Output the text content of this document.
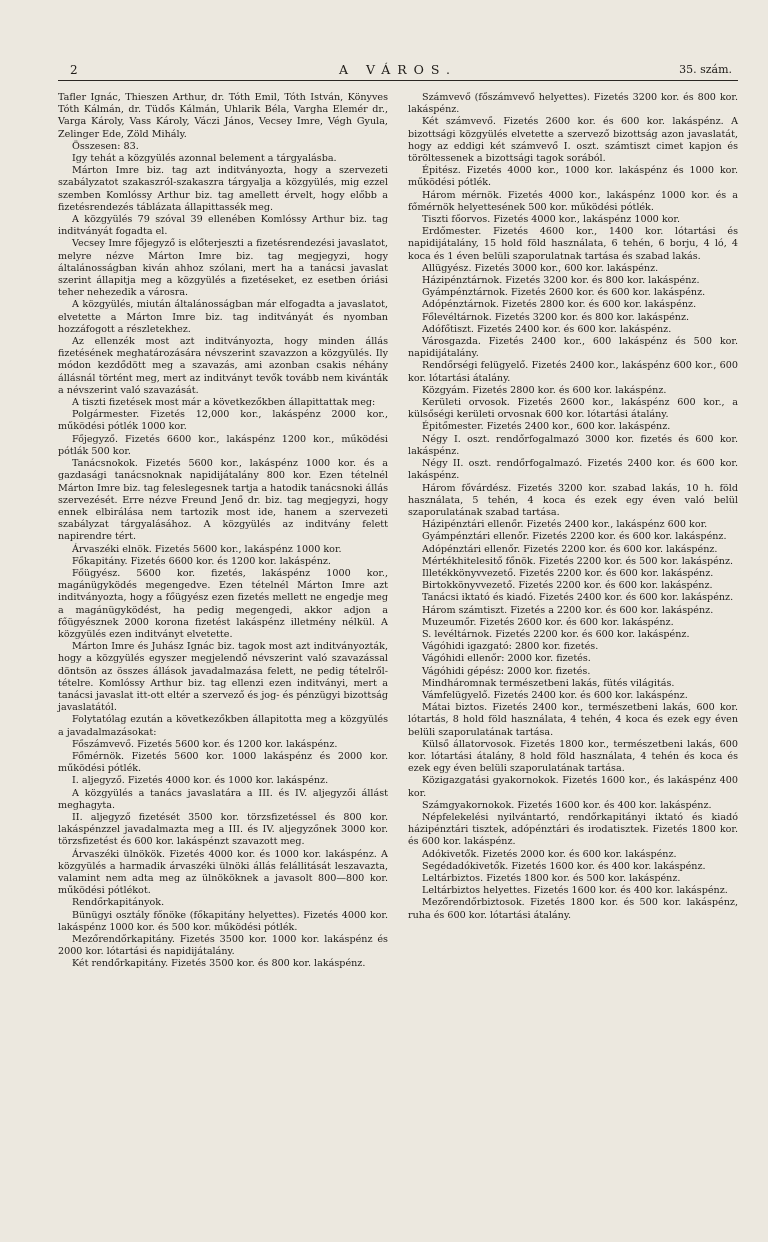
2	A VÁROS.	35. szám.

Tafler Ignác, Thieszen Arthur, dr. Tóth Emil, Tóth István, Könyves Tóth Kálmán, dr. Tüdős Kálmán, Uhlarik Béla, Vargha Elemér dr., Varga Károly, Vass Károly, Váczi János, Vecsey Imre, Végh Gyula, Zelinger Ede, Zöld Mihály.

Összesen: 83.

Igy tehát a közgyülés azonnal belement a tárgyalásba.

Márton Imre biz. tag azt inditványozta, hogy a szervezeti szabályzatot szakaszról-szakaszra tárgyalja a közgyülés, mig ezzel szemben Komlóssy Arthur biz. tag amellett érvelt, hogy előbb a fizetésrendezés táblázata állapittassék meg.

A közgyülés 79 szóval 39 ellenében Komlóssy Arthur biz. tag inditványát fogadta el.

Vecsey Imre főjegyző is előterjeszti a fizetésrendezési javaslatot, melyre nézve Márton Imre biz. tag megjegyzi, hogy általánosságban kiván ahhoz szólani, mert ha a tanácsi javaslat szerint állapitja meg a közgyülés a fizetéseket, ez esetben óriási teher nehezedik a városra.

A közgyülés, miután általánosságban már elfogadta a javaslatot, elvetette a Márton Imre biz. tag inditványát és nyomban hozzáfogott a részletekhez.

Az ellenzék most azt inditványozta, hogy minden állás fizetésének meghatározására névszerint szavazzon a közgyülés. Ily módon kezdődött meg a szavazás, ami azonban csakis néhány állásnál történt meg, mert az inditványt tevők tovább nem kivánták a névszerint való szavazását.

A tiszti fizetések most már a következőkben állapittattak meg:

Polgármester. Fizetés 12,000 kor., lakáspénz 2000 kor., működési pótlék 1000 kor.

Főjegyző. Fizetés 6600 kor., lakáspénz 1200 kor., működési pótlák 500 kor.

Tanácsnokok. Fizetés 5600 kor., lakáspénz 1000 kor. és a gazdasági tanácsnoknak napidijátalány 800 kor. Ezen tételnél Márton Imre biz. tag feleslegesnek tartja a hatodik tanácsnoki állás szervezését. Erre nézve Freund Jenő dr. biz. tag megjegyzi, hogy ennek elbirálása nem tartozik most ide, hanem a szervezeti szabályzat tárgyalásához. A közgyülés az inditvány felett napirendre tért.

Árvaszéki elnök. Fizetés 5600 kor., lakáspénz 1000 kor.

Főkapitány. Fizetés 6600 kor. és 1200 kor. lakáspénz.

Főügyész. 5600 kor. fizetés, lakáspénz 1000 kor., magánügyködés megengedve. Ezen tételnél Márton Imre azt inditványozta, hogy a főügyész ezen fizetés mellett ne engedje meg a magánügyködést, ha pedig megengedi, akkor adjon a főügyésznek 2000 korona fizetést lakáspénz illetmény nélkül. A közgyülés ezen inditványt elvetette.

Márton Imre és Juhász Ignác biz. tagok most azt inditványozták, hogy a közgyülés egyszer megjelendő névszerint való szavazással döntsön az összes állások javadalmazása felett, ne pedig tételről-tételre. Komlóssy Arthur biz. tag ellenzi ezen inditványi, mert a tanácsi javaslat itt-ott eltér a szervező és jog- és pénzügyi bizottság javaslatától.

Folytatólag ezután a következőkben állapitotta meg a közgyülés a javadalmazásokat:

Főszámvevő. Fizetés 5600 kor. és 1200 kor. lakáspénz.

Főmérnök. Fizetés 5600 kor. 1000 lakáspénz és 2000 kor. működési pótlék.

I. aljegyző. Fizetés 4000 kor. és 1000 kor. lakáspénz.

A közgyülés a tanács javaslatára a III. és IV. aljegyzői állást meghagyta.

II. aljegyző fizetését 3500 kor. törzsfizetéssel és 800 kor. lakáspénzzel javadalmazta meg a III. és IV. aljegyzőnek 3000 kor. törzsfizetést és 600 kor. lakáspénzt szavazott meg.

Árvaszéki ülnökök. Fizetés 4000 kor. és 1000 kor. lakáspénz. A közgyülés a harmadik árvaszéki ülnöki állás felállitását leszavazta, valamint nem adta meg az ülnököknek a javasolt 800—800 kor. működési pótlékot.

Rendőrkapitányok.

Bünügyi osztály főnöke (főkapitány helyettes). Fizetés 4000 kor. lakáspénz 1000 kor. és 500 kor. működési pótlék.

Mezőrendőrkapitány. Fizetés 3500 kor. 1000 kor. lakáspénz és 2000 kor. lótartási és napidijátalány.

Két rendőrkapitány. Fizetés 3500 kor. és 800 kor. lakáspénz.

Számvevő (főszámvevő helyettes). Fizetés 3200 kor. és 800 kor. lakáspénz.

Két számvevő. Fizetés 2600 kor. és 600 kor. lakáspénz. A bizottsági közgyülés elvetette a szervező bizottság azon javaslatát, hogy az eddigi két számvevő I. oszt. számtiszt cimet kapjon és töröltessenek a bizottsági tagok sorából.

Épitész. Fizetés 4000 kor., 1000 kor. lakáspénz és 1000 kor. működési pótlék.

Három mérnök. Fizetés 4000 kor., lakáspénz 1000 kor. és a főmérnök helyettesének 500 kor. működési pótlék.

Tiszti főorvos. Fizetés 4000 kor., lakáspénz 1000 kor.

Erdőmester. Fizetés 4600 kor., 1400 kor. lótartási és napidijátalány, 15 hold föld használata, 6 tehén, 6 borju, 4 ló, 4 koca és 1 éven belüli szaporulatnak tartása és szabad lakás.

Allügyész. Fizetés 3000 kor., 600 kor. lakáspénz.

Házipénztárnok. Fizetés 3200 kor. és 800 kor. lakáspénz.

Gyámpénztárnok. Fizetés 2600 kor. és 600 kor. lakáspénz.

Adópénztárnok. Fizetés 2800 kor. és 600 kor. lakáspénz.

Főlevéltárnok. Fizetés 3200 kor. és 800 kor. lakáspénz.

Adófőtiszt. Fizetés 2400 kor. és 600 kor. lakáspénz.

Városgazda. Fizetés 2400 kor., 600 lakáspénz és 500 kor. napidijátalány.

Rendőrségi felügyelő. Fizetés 2400 kor., lakáspénz 600 kor., 600 kor. lótartási átalány.

Közgyám. Fizetés 2800 kor. és 600 kor. lakáspénz.

Kerületi orvosok. Fizetés 2600 kor., lakáspénz 600 kor., a külsőségi kerületi orvosnak 600 kor. lótartási átalány.

Épitőmester. Fizetés 2400 kor., 600 kor. lakáspénz.

Négy I. oszt. rendőrfogalmazó 3000 kor. fizetés és 600 kor. lakáspénz.

Négy II. oszt. rendőrfogalmazó. Fizetés 2400 kor. és 600 kor. lakáspénz.

Három fővárdész. Fizetés 3200 kor. szabad lakás, 10 h. föld használata, 5 tehén, 4 koca és ezek egy éven való belül szaporulatának szabad tartása.

Házipénztári ellenőr. Fizetés 2400 kor., lakáspénz 600 kor.

Gyámpénztári ellenőr. Fizetés 2200 kor. és 600 kor. lakáspénz.

Adópénztári ellenőr. Fizetés 2200 kor. és 600 kor. lakáspénz.

Mértékhitelesitő főnök. Fizetés 2200 kor. és 500 kor. lakáspénz.

Illetékkönyvvezető. Fizetés 2200 kor. és 600 kor. lakáspénz.

Birtokkönyvvezető. Fizetés 2200 kor. és 600 kor. lakáspénz.

Tanácsi iktató és kiadó. Fizetés 2400 kor. és 600 kor. lakáspénz.

Három számtiszt. Fizetés a 2200 kor. és 600 kor. lakáspénz.

Muzeumőr. Fizetés 2600 kor. és 600 kor. lakáspénz.

S. levéltárnok. Fizetés 2200 kor. és 600 kor. lakáspénz.

Vágóhidi igazgató: 2800 kor. fizetés.

Vágóhidi ellenőr: 2000 kor. fizetés.

Vágóhidi gépész: 2000 kor. fizetés.

Mindháromnak természetbeni lakás, fütés világitás.

Vámfelügyelő. Fizetés 2400 kor. és 600 kor. lakáspénz.

Mátai biztos. Fizetés 2400 kor., természetbeni lakás, 600 kor. lótartás, 8 hold föld használata, 4 tehén, 4 koca és ezek egy éven belüli szaporulatának tartása.

Külső állatorvosok. Fizetés 1800 kor., természetbeni lakás, 600 kor. lótartási átalány, 8 hold föld használata, 4 tehén és koca és ezek egy éven belüli szaporulatának tartása.

Közigazgatási gyakornokok. Fizetés 1600 kor., és lakáspénz 400 kor.

Számgyakornokok. Fizetés 1600 kor. és 400 kor. lakáspénz.

Népfelekelési nyilvántartó, rendőrkapitányi iktató és kiadó házipénztári tisztek, adópénztári és irodatisztek. Fizetés 1800 kor. és 600 kor. lakáspénz.

Adókivetők. Fizetés 2000 kor. és 600 kor. lakáspénz.

Segédadókivetők. Fizetés 1600 kor. és 400 kor. lakáspénz.

Leltárbiztos. Fizetés 1800 kor. és 500 kor. lakáspénz.

Leltárbiztos helyettes. Fizetés 1600 kor. és 400 kor. lakáspénz.

Mezőrendőrbiztosok. Fizetés 1800 kor. és 500 kor. lakáspénz, ruha és 600 kor. lótartási átalány.
